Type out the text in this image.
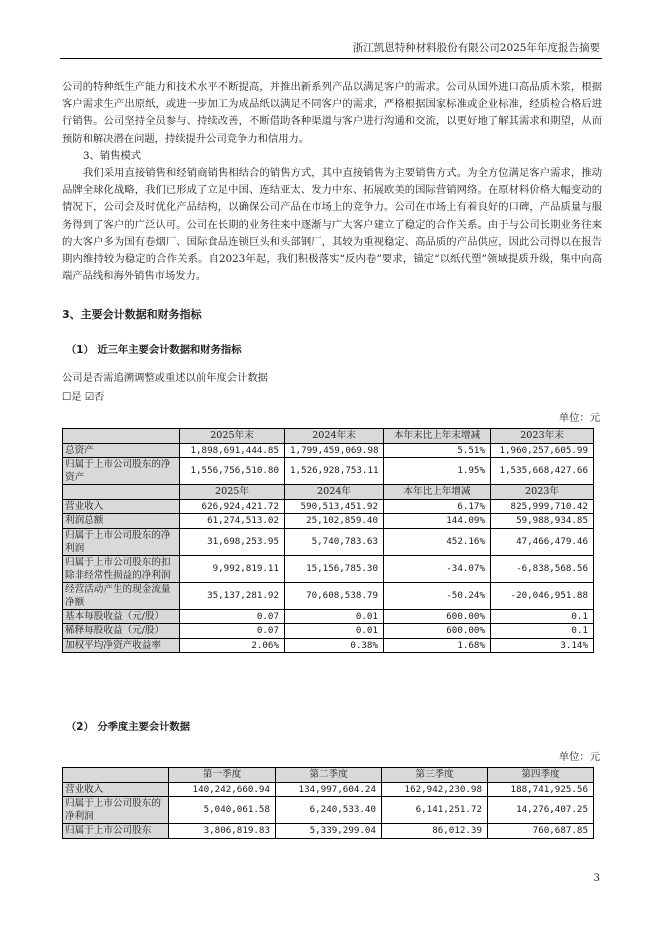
浙江凯恩特种材料股份有限公司2025年年度报告摘要

公司的特种纸生产能力和技术水平不断提高，并推出新系列产品以满足客户的需求。公司从国外进口高品质木浆，根据客户需求生产出原纸，或进一步加工为成品纸以满足不同客户的需求，严格根据国家标准或企业标准，经质检合格后进行销售。公司坚持全员参与、持续改善，不断借助各种渠道与客户进行沟通和交流，以更好地了解其需求和期望，从而预防和解决潜在问题，持续提升公司竞争力和信用力。

3、销售模式

我们采用直接销售和经销商销售相结合的销售方式，其中直接销售为主要销售方式。为全方位满足客户需求，推动品牌全球化战略，我们已形成了立足中国、连结亚太、发力中东、拓展欧美的国际营销网络。在原材料价格大幅变动的情况下，公司会及时优化产品结构，以确保公司产品在市场上的竞争力。公司在市场上有着良好的口碑，产品质量与服务得到了客户的广泛认可。公司在长期的业务往来中逐渐与广大客户建立了稳定的合作关系。由于与公司长期业务往来的大客户多为国有卷烟厂、国际食品连锁巨头和头部钢厂，其较为重视稳定、高品质的产品供应，因此公司得以在报告期内维持较为稳定的合作关系。自2023年起，我们积极落实“反内卷”要求，锚定“以纸代塑”领域提质升级，集中向高端产品线和海外销售市场发力。

3、主要会计数据和财务指标
（1） 近三年主要会计数据和财务指标
公司是否需追溯调整或重述以前年度会计数据
☐是 ☑否
单位：元
	2025年末	2024年末	本年末比上年末增减	2023年末
总资产	1,898,691,444.85	1,799,459,069.98	5.51%	1,960,257,605.99
归属于上市公司股东的净资产	1,556,756,510.80	1,526,928,753.11	1.95%	1,535,668,427.66
	2025年	2024年	本年比上年增减	2023年
营业收入	626,924,421.72	590,513,451.92	6.17%	825,999,710.42
利润总额	61,274,513.02	25,102,859.40	144.09%	59,988,934.85
归属于上市公司股东的净利润	31,698,253.95	5,740,783.63	452.16%	47,466,479.46
归属于上市公司股东的扣除非经常性损益的净利润	9,992,819.11	15,156,785.30	-34.07%	-6,838,568.56
经营活动产生的现金流量净额	35,137,281.92	70,608,538.79	-50.24%	-20,046,951.88
基本每股收益（元/股）	0.07	0.01	600.00%	0.1
稀释每股收益（元/股）	0.07	0.01	600.00%	0.1
加权平均净资产收益率	2.06%	0.38%	1.68%	3.14%
（2） 分季度主要会计数据
单位：元
	第一季度	第二季度	第三季度	第四季度
营业收入	140,242,660.94	134,997,604.24	162,942,230.98	188,741,925.56
归属于上市公司股东的净利润	5,040,061.58	6,240,533.40	6,141,251.72	14,276,407.25
归属于上市公司股东	3,806,819.83	5,339,299.04	86,012.39	760,687.85
3
